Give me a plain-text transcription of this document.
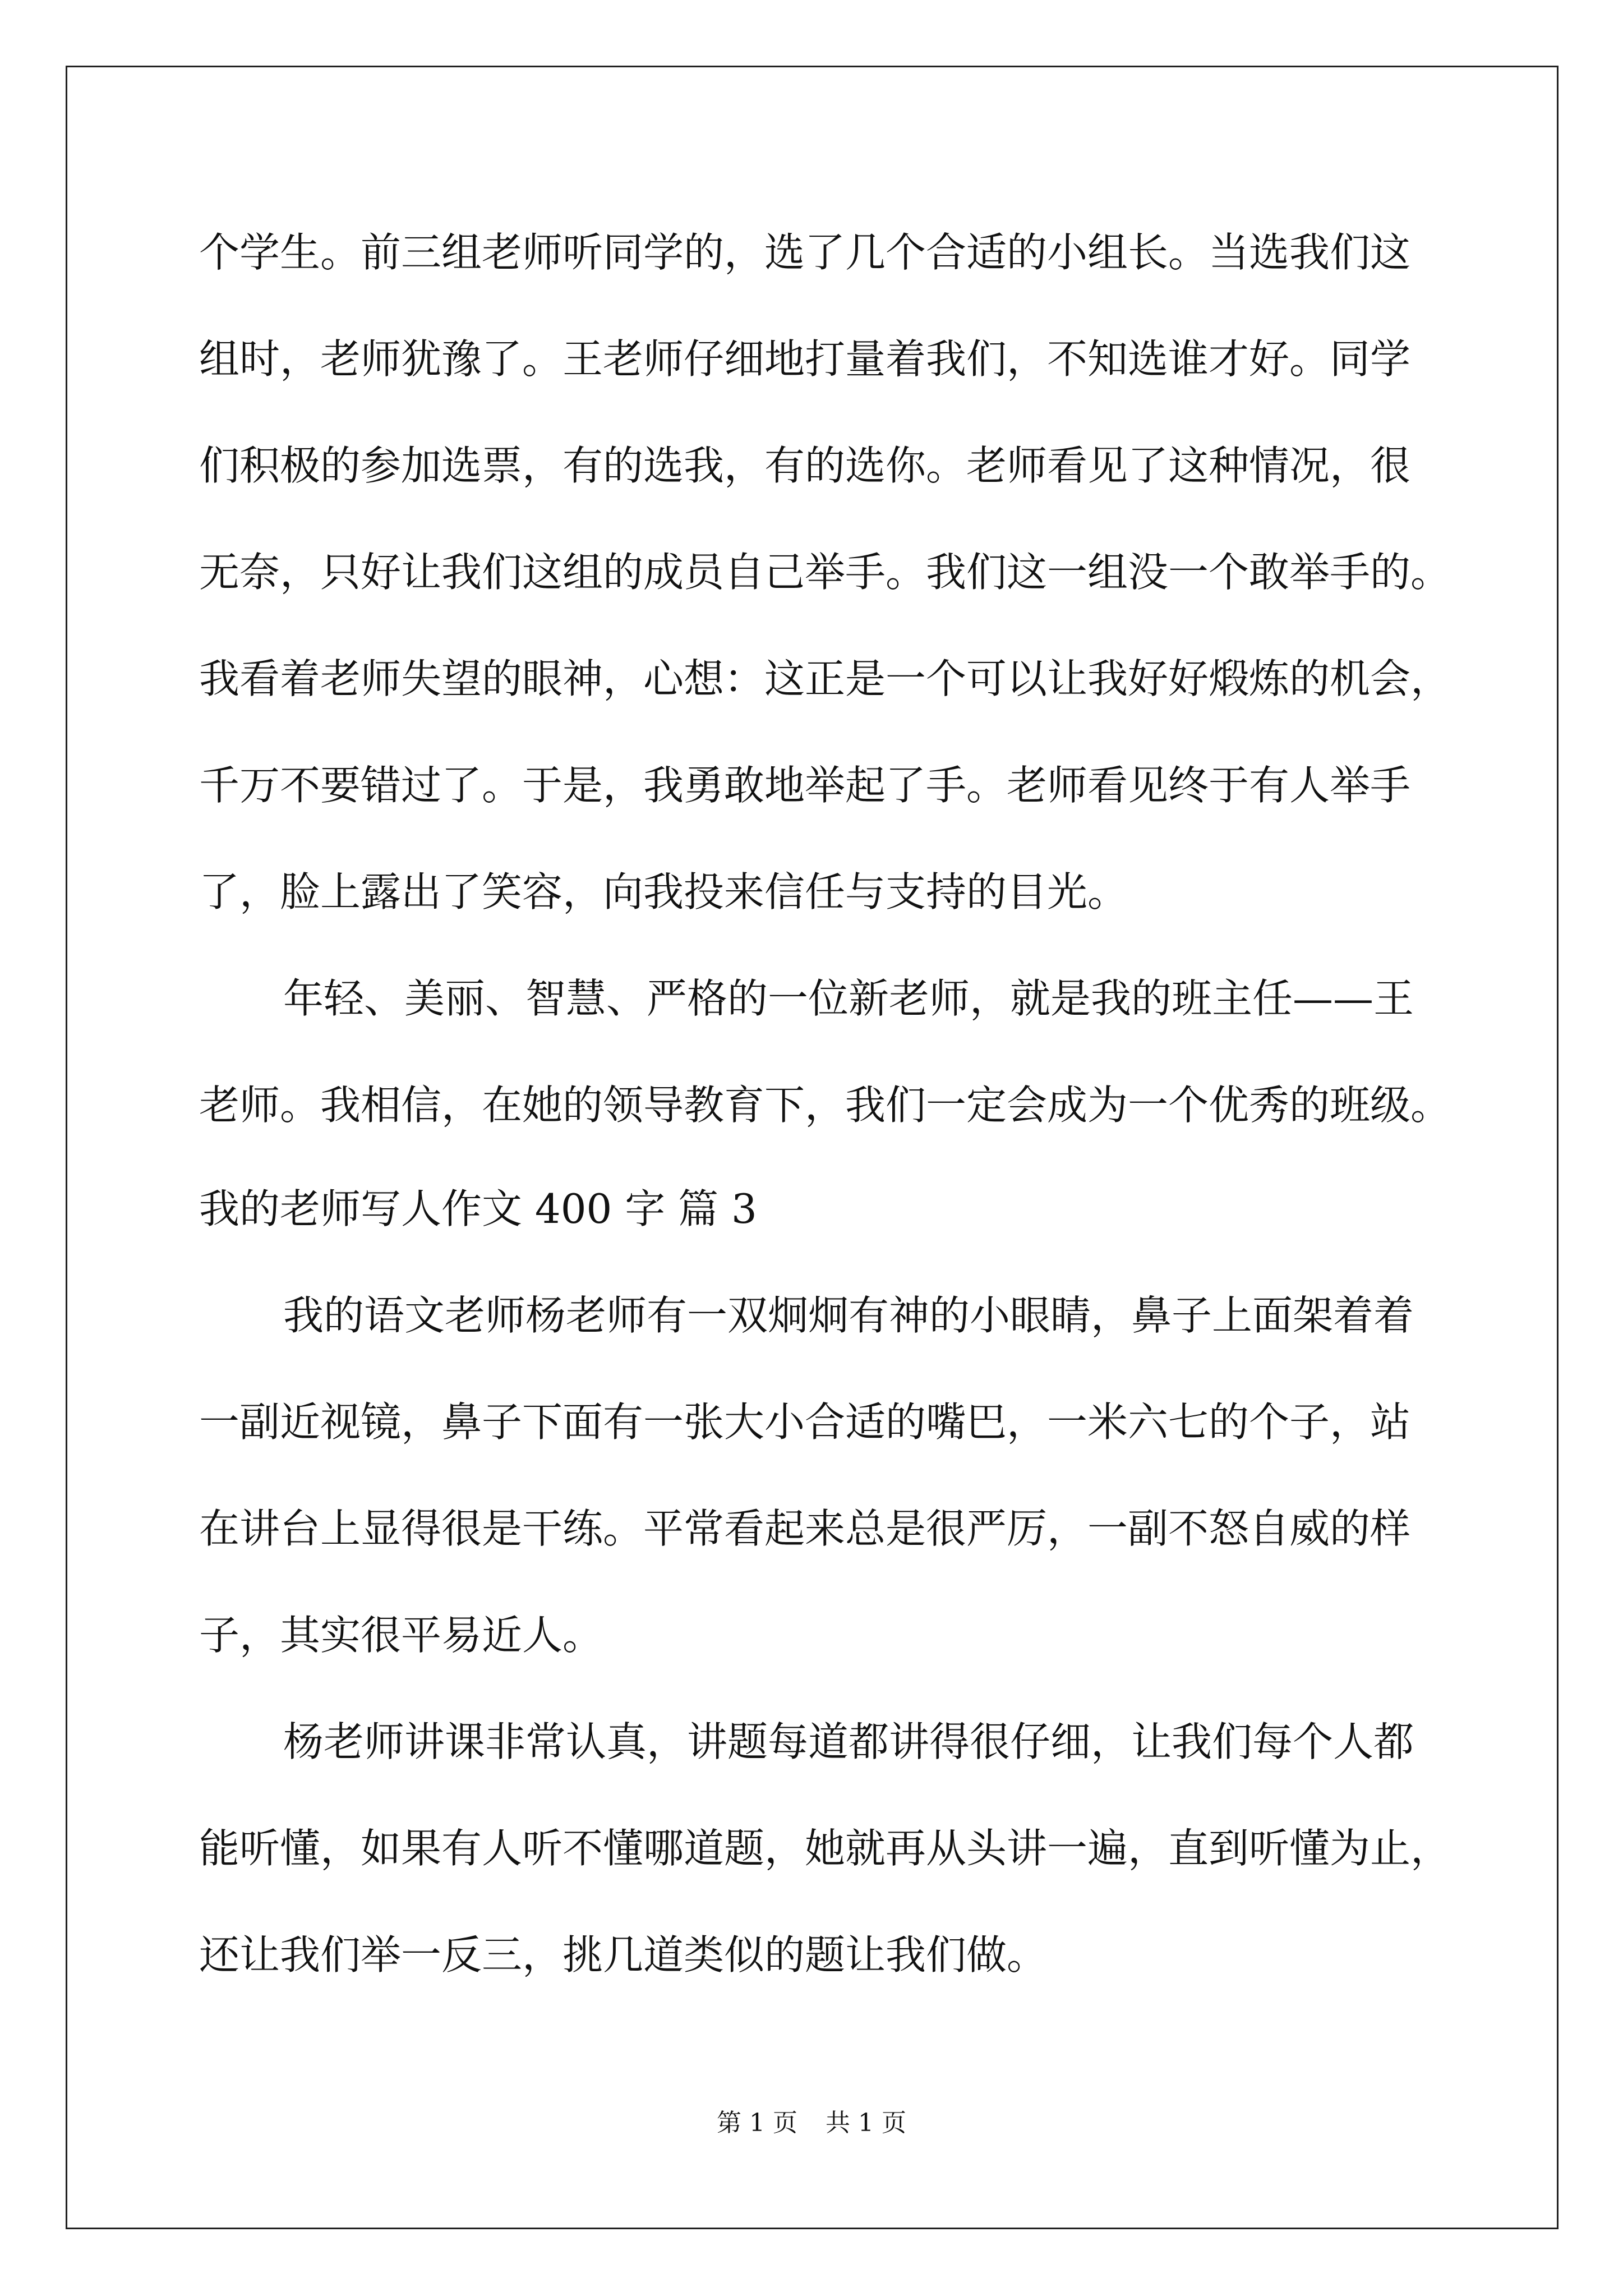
个学生。前三组老师听同学的，选了几个合适的小组长。当选我们这

组时，老师犹豫了。王老师仔细地打量着我们，不知选谁才好。同学

们积极的参加选票，有的选我，有的选你。老师看见了这种情况，很

无奈，只好让我们这组的成员自己举手。我们这一组没一个敢举手的。

我看着老师失望的眼神，心想：这正是一个可以让我好好煅炼的机会，

千万不要错过了。于是，我勇敢地举起了手。老师看见终于有人举手

了，脸上露出了笑容，向我投来信任与支持的目光。

年轻、美丽、智慧、严格的一位新老师，就是我的班主任——王

老师。我相信，在她的领导教育下，我们一定会成为一个优秀的班级。

我的老师写人作文 400 字 篇 3

我的语文老师杨老师有一双炯炯有神的小眼睛，鼻子上面架着着

一副近视镜，鼻子下面有一张大小合适的嘴巴，一米六七的个子，站

在讲台上显得很是干练。平常看起来总是很严厉，一副不怒自威的样

子，其实很平易近人。

杨老师讲课非常认真，讲题每道都讲得很仔细，让我们每个人都

能听懂，如果有人听不懂哪道题，她就再从头讲一遍，直到听懂为止，

还让我们举一反三，挑几道类似的题让我们做。

第 1 页 共 1 页
